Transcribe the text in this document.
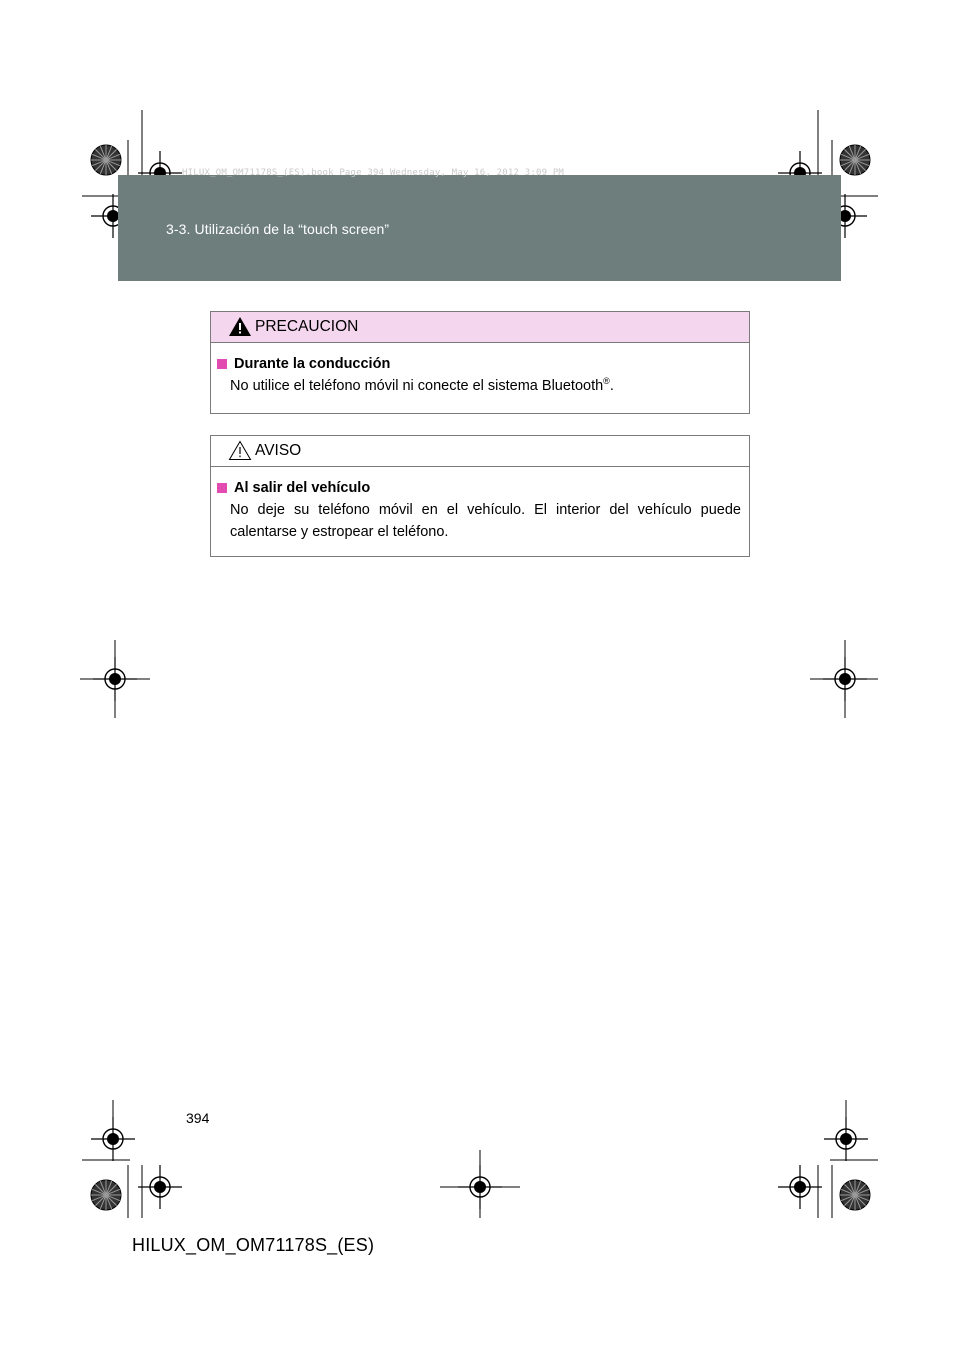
3-3. Utilización de la “touch screen”
HILUX_OM_OM71178S_(ES).book Page 394 Wednesday, May 16, 2012 3:09 PM
PRECAUCION
Durante la conducción
No utilice el teléfono móvil ni conecte el sistema Bluetooth®.
AVISO
Al salir del vehículo
No deje su teléfono móvil en el vehículo. El interior del vehículo puede calentarse y estropear el teléfono.
394
HILUX_OM_OM71178S_(ES)
